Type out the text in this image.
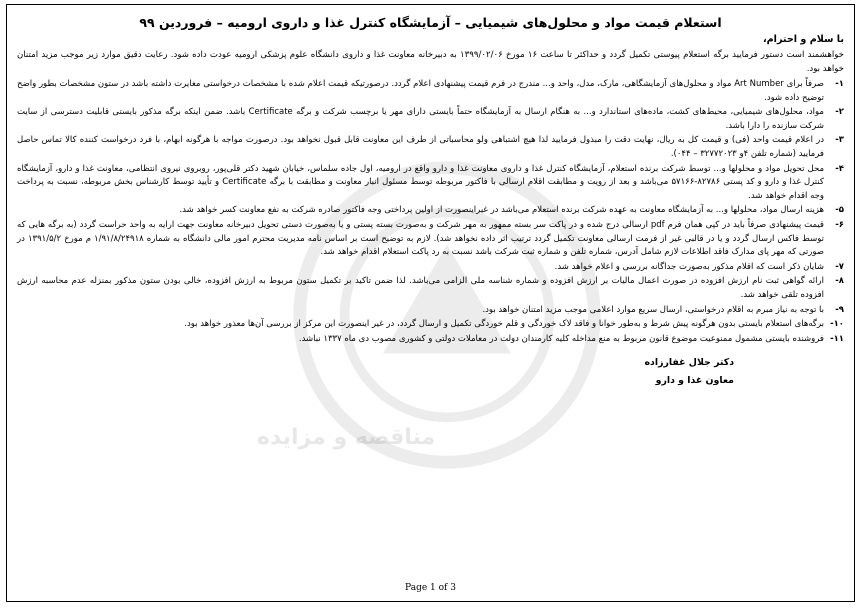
مناقصه و مزایده
استعلام قیمت مواد و محلول‌های شیمیایی – آزمایشگاه کنترل غذا و داروی ارومیه – فروردین ۹۹
با سلام و احترام،
خواهشمند است دستور فرمایید برگه استعلام پیوستی تکمیل گردد و حداکثر تا ساعت ۱۶ مورخ ۱۳۹۹/۰۲/۰۶ به دبیرخانه معاونت غذا و داروی دانشگاه علوم پزشکی ارومیه عودت داده شود. رعایت دقیق موارد زیر موجب مزید امتنان خواهد بود.
۱-
صرفاً برای Art Number مواد و محلول‌های آزمایشگاهی، مارک، مدل، واحد و... مندرج در فرم قیمت پیشنهادی اعلام گردد. درصورتیکه قیمت اعلام شده با مشخصات درخواستی مغایرت داشته باشد در ستون مشخصات بطور واضح توضیح داده شود.
۲-
مواد، محلول‌های شیمیایی، محیط‌های کشت، ماده‌های استاندارد و... به هنگام ارسال به آزمایشگاه حتماً بایستی دارای مهر یا برچسب شرکت و برگه Certificate باشد. ضمن اینکه برگه مذکور بایستی قابلیت دسترسی از سایت شرکت سازنده را دارا باشد.
۳-
در اعلام قیمت واحد (فی) و قیمت کل به ریال، نهایت دقت را مبذول فرمایید لذا هیچ اشتباهی ولو محاسباتی از طرف این معاونت قابل قبول نخواهد بود. درصورت مواجه با هرگونه ابهام، با فرد درخواست کننده کالا تماس حاصل فرمایید (شماره تلفن ۴و ۳۲۷۷۲۰۲۳ – ۰۴۴).
۴-
محل تحویل مواد و محلولها و... توسط شرکت برنده استعلام، آزمایشگاه کنترل غذا و داروی معاونت غذا و دارو واقع در ارومیه، اول جاده سلماس، خیابان شهید دکتر قلی‌پور، روبروی نیروی انتظامی، معاونت غذا و دارو، آزمایشگاه کنترل غذا و دارو و کد پستی ۸۲۷۸۶-۵۷۱۶۶ می‌باشد و بعد از رویت و مطابقت اقلام ارسالی با فاکتور مربوطه توسط مسئول انبار معاونت و مطابقت با برگه Certificate و تأیید توسط کارشناس بخش مربوطه، نسبت به پرداخت وجه اقدام خواهد شد.
۵-
هزینه ارسال مواد، محلولها و... به آزمایشگاه معاونت به عهده شرکت برنده استعلام می‌باشد در غیراینصورت از اولین پرداختی وجه فاکتور صادره شرکت به نفع معاونت کسر خواهد شد.
۶-
قیمت پیشنهادی صرفاً باید در کپی همان فرم pdf ارسالی درج شده و در پاکت سر بسته ممهور به مهر شرکت و به‌صورت بسته پستی و یا به‌صورت دستی تحویل دبیرخانه معاونت جهت ارایه به واحد حراست گردد (به برگه هایی که توسط فاکس ارسال گردد و یا در قالبی غیر از فرمت ارسالی معاونت تکمیل گردد ترتیب اثر داده نخواهد شد). لازم به توضیح است بر اساس نامه مدیریت محترم امور مالی دانشگاه به شماره ۱/۹۱/۸/۲۴۹۱۸ م مورخ ۱۳۹۱/۵/۲ در صورتی که مهر پای مدارک فاقد اطلاعات لازم شامل آدرس، شماره تلفن و شماره ثبت شرکت باشد نسبت به رد پاکت استعلام اقدام خواهد شد.
۷-
شایان ذکر است که اقلام مذکور به‌صورت جداگانه بررسی و اعلام خواهد شد.
۸-
ارائه گواهی ثبت نام ارزش افزوده در صورت اعمال مالیات بر ارزش افزوده و شماره شناسه ملی الزامی می‌باشد. لذا ضمن تاکید بر تکمیل ستون مربوط به ارزش افزوده، خالی بودن ستون مذکور بمنزله عدم محاسبه ارزش افزوده تلقی خواهد شد.
۹-
با توجه به نیاز مبرم به اقلام درخواستی، ارسال سریع موارد اعلامی موجب مزید امتنان خواهد بود.
۱۰-
برگه‌های استعلام بایستی بدون هرگونه پیش شرط و به‌طور خوانا و فاقد لاک خوردگی و قلم خوردگی تکمیل و ارسال گردد، در غیر اینصورت این مرکز از بررسی آن‌ها معذور خواهد بود.
۱۱-
فروشنده بایستی مشمول ممنوعیت موضوع قانون مربوط به منع مداخله کلیه کارمندان دولت در معاملات دولتی و کشوری مصوب دی ماه ۱۳۳۷ نباشد.
دکتر جلال غفارزاده
معاون غذا و دارو
Page 1 of 3
